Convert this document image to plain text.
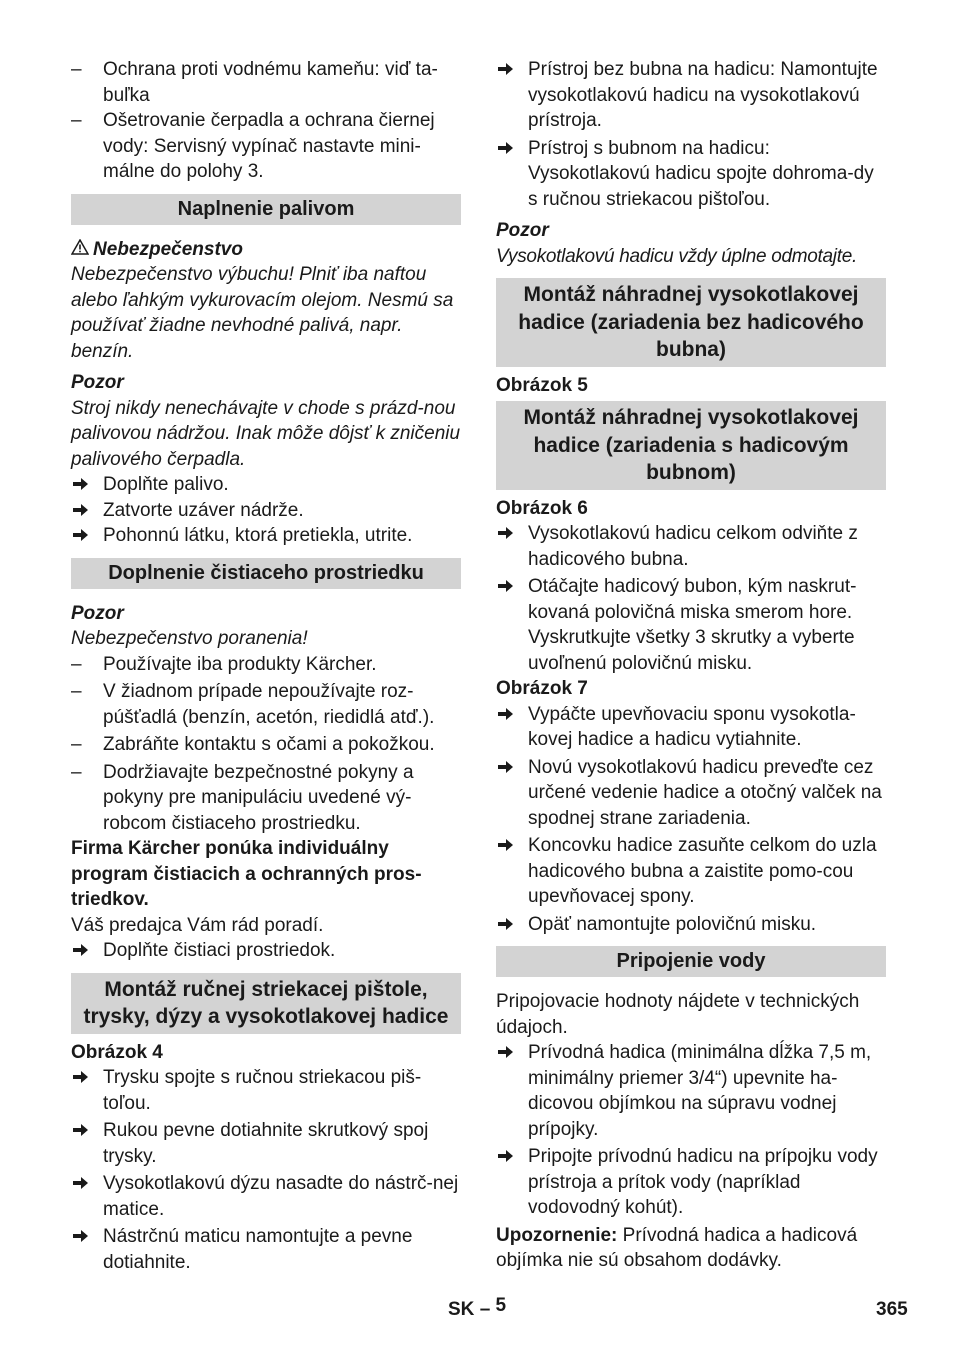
–	Ochrana proti vodnému kameňu: viď ta-
buľka
–	Ošetrovanie čerpadla a ochrana čiernej
vody: Servisný vypínač nastavte mini-
málne do polohy 3.
Naplnenie palivom
Nebezpečenstvo
Nebezpečenstvo výbuchu! Plniť iba naftou alebo ľahkým vykurovacím olejom. Nesmú sa používať žiadne nevhodné palivá, napr. benzín.
Pozor
Stroj nikdy nenechávajte v chode s prázd-nou palivovou nádržou. Inak môže dôjsť k zničeniu palivového čerpadla.
Doplňte palivo.
Zatvorte uzáver nádrže.
Pohonnú látku, ktorá pretiekla, utrite.
Doplnenie čistiaceho prostriedku
Pozor
Nebezpečenstvo poranenia!
–	Používajte iba produkty Kärcher.
–	V žiadnom prípade nepoužívajte roz-púšťadlá (benzín, acetón, riedidlá atď.).
–	Zabráňte kontaktu s očami a pokožkou.
–	Dodržiavajte bezpečnostné pokyny a pokyny pre manipuláciu uvedené vý-robcom čistiaceho prostriedku.
Firma Kärcher ponúka individuálny program čistiacich a ochranných pros-triedkov.
Váš predajca Vám rád poradí.
Doplňte čistiaci prostriedok.
Montáž ručnej striekacej pištole, trysky, dýzy a vysokotlakovej hadice
Obrázok 4
Trysku spojte s ručnou striekacou piš-toľou.
Rukou pevne dotiahnite skrutkový spoj trysky.
Vysokotlakovú dýzu nasadte do nástrč-nej matice.
Nástrčnú maticu namontujte a pevne dotiahnite.
Prístroj bez bubna na hadicu: Namontujte vysokotlakovú hadicu na vysokotlakovú prístroja.
Prístroj s bubnom na hadicu: Vysokotlakovú hadicu spojte dohroma-dy s ručnou striekacou pištoľou.
Pozor
Vysokotlakovú hadicu vždy úplne odmotajte.
Montáž náhradnej vysokotlakovej hadice (zariadenia bez hadicového bubna)
Obrázok 5
Montáž náhradnej vysokotlakovej hadice (zariadenia s hadicovým bubnom)
Obrázok 6
Vysokotlakovú hadicu celkom odviňte z hadicového bubna.
Otáčajte hadicový bubon, kým naskrut-kovaná polovičná miska smerom hore. Vyskrutkujte všetky 3 skrutky a vyberte uvoľnenú polovičnú misku.
Obrázok 7
Vypáčte upevňovaciu sponu vysokotla-kovej hadice a hadicu vytiahnite.
Novú vysokotlakovú hadicu preveďte cez určené vedenie hadice a otočný valček na spodnej strane zariadenia.
Koncovku hadice zasuňte celkom do uzla hadicového bubna a zaistite pomo-cou upevňovacej spony.
Opäť namontujte polovičnú misku.
Pripojenie vody
Pripojovacie hodnoty nájdete v technických údajoch.
Prívodná hadica (minimálna dĺžka 7,5 m, minimálny priemer 3/4“) upevnite ha-dicovou objímkou na súpravu vodnej prípojky.
Pripojte prívodnú hadicu na prípojku vody prístroja a prítok vody (napríklad vodovodný kohút).
Upozornenie: Prívodná hadica a hadicová objímka nie sú obsahom dodávky.
SK – 5	365
